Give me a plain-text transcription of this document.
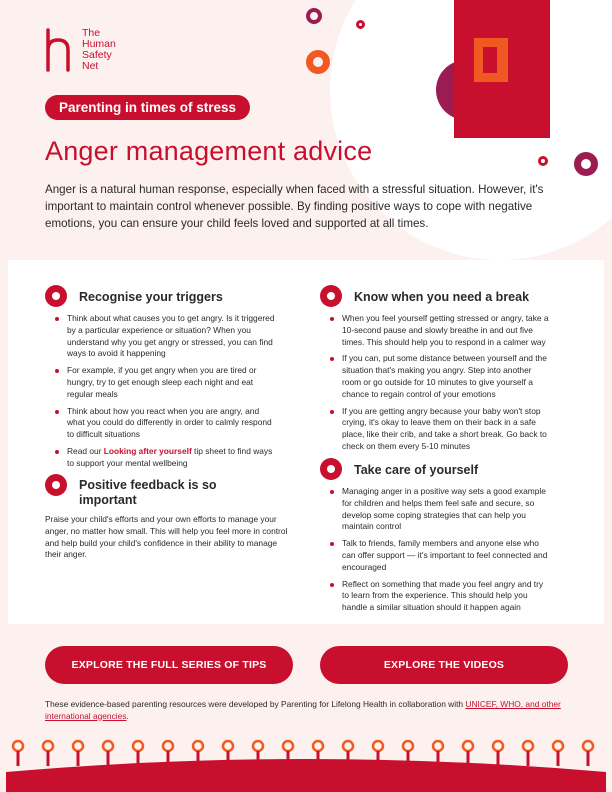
The
Human
Safety
Net
Parenting in times of stress
Anger management advice

Anger is a natural human response, especially when faced with a stressful situation. However, it's important to maintain control whenever possible. By finding positive ways to cope with negative emotions, you can ensure your child feels loved and supported at all times.

Recognise your triggers
Think about what causes you to get angry. Is it triggered by a particular experience or situation? When you understand why you get angry or stressed, you can find ways to avoid it happening
For example, if you get angry when you are tired or hungry, try to get enough sleep each night and eat regular meals
Think about how you react when you are angry, and what you could do differently in order to calmly respond to difficult situations
Read our Looking after yourself tip sheet to find ways to support your mental wellbeing
Positive feedback is so important

Praise your child's efforts and your own efforts to manage your anger, no matter how small. This will help you feel more in control and help build your child's confidence in their ability to manage their anger.

Know when you need a break
When you feel yourself getting stressed or angry, take a 10-second pause and slowly breathe in and out five times. This should help you to respond in a calmer way
If you can, put some distance between yourself and the situation that's making you angry. Step into another room or go outside for 10 minutes to give yourself a chance to regain control of your emotions
If you are getting angry because your baby won't stop crying, it's okay to leave them on their back in a safe place, like their crib, and take a short break. Go back to check on them every 5-10 minutes
Take care of yourself
Managing anger in a positive way sets a good example for children and helps them feel safe and secure, so develop some coping strategies that can help you maintain control
Talk to friends, family members and anyone else who can offer support — it's important to feel connected and encouraged
Reflect on something that made you feel angry and try to learn from the experience. This should help you handle a similar situation should it happen again
EXPLORE THE FULL SERIES OF TIPS	EXPLORE THE VIDEOS

These evidence-based parenting resources were developed by Parenting for Lifelong Health in collaboration with UNICEF, WHO, and other international agencies.
